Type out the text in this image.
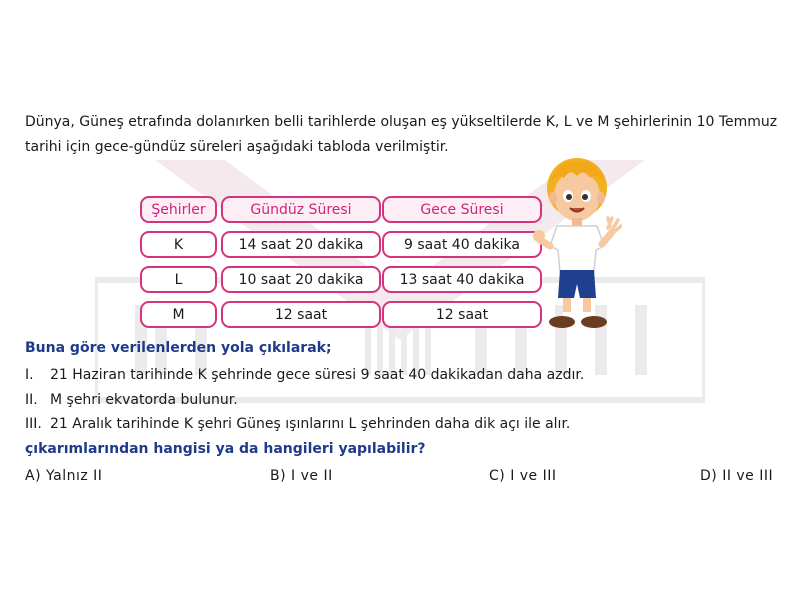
Dünya, Güneş etrafında dolanırken belli tarihlerde oluşan eş yükseltilerde K, L ve M şehirlerinin 10 Temmuz tarihi için gece-gündüz süreleri aşağıdaki tabloda verilmiştir.
Şehirler	Gündüz Süresi	Gece Süresi
K	14 saat 20 dakika	9 saat 40 dakika
L	10 saat 20 dakika	13 saat 40 dakika
M	12 saat	12 saat
Buna göre verilenlerden yola çıkılarak;
I.	21 Haziran tarihinde K şehrinde gece süresi 9 saat 40 dakikadan daha azdır.
II. M şehri ekvatorda bulunur.
III. 21 Aralık tarihinde K şehri Güneş ışınlarını L şehrinden daha dik açı ile alır.
çıkarımlarından hangisi ya da hangileri yapılabilir?
A) Yalnız II	B) I ve II	C) I ve III	D) II ve III
